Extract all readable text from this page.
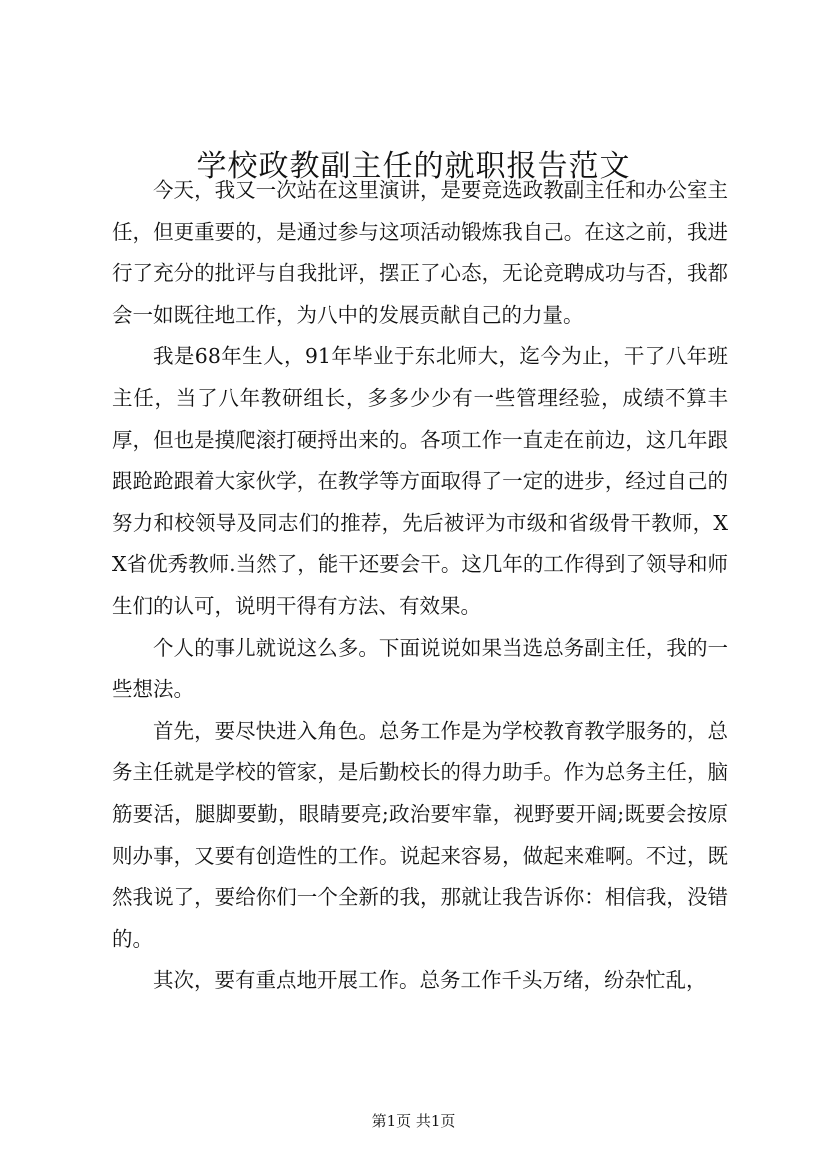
学校政教副主任的就职报告范文

今天，我又一次站在这里演讲，是要竞选政教副主任和办公室主任，但更重要的，是通过参与这项活动锻炼我自己。在这之前，我进行了充分的批评与自我批评，摆正了心态，无论竞聘成功与否，我都会一如既往地工作，为八中的发展贡献自己的力量。

我是68年生人，91年毕业于东北师大，迄今为止，干了八年班主任，当了八年教研组长，多多少少有一些管理经验，成绩不算丰厚，但也是摸爬滚打硬捋出来的。各项工作一直走在前边，这几年跟跟跄跄跟着大家伙学，在教学等方面取得了一定的进步，经过自己的努力和校领导及同志们的推荐，先后被评为市级和省级骨干教师，XX省优秀教师.当然了，能干还要会干。这几年的工作得到了领导和师生们的认可，说明干得有方法、有效果。

个人的事儿就说这么多。下面说说如果当选总务副主任，我的一些想法。

首先，要尽快进入角色。总务工作是为学校教育教学服务的，总务主任就是学校的管家，是后勤校长的得力助手。作为总务主任，脑筋要活，腿脚要勤，眼睛要亮;政治要牢靠，视野要开阔;既要会按原则办事，又要有创造性的工作。说起来容易，做起来难啊。不过，既然我说了，要给你们一个全新的我，那就让我告诉你：相信我，没错的。

其次，要有重点地开展工作。总务工作千头万绪，纷杂忙乱，

第1页 共1页
